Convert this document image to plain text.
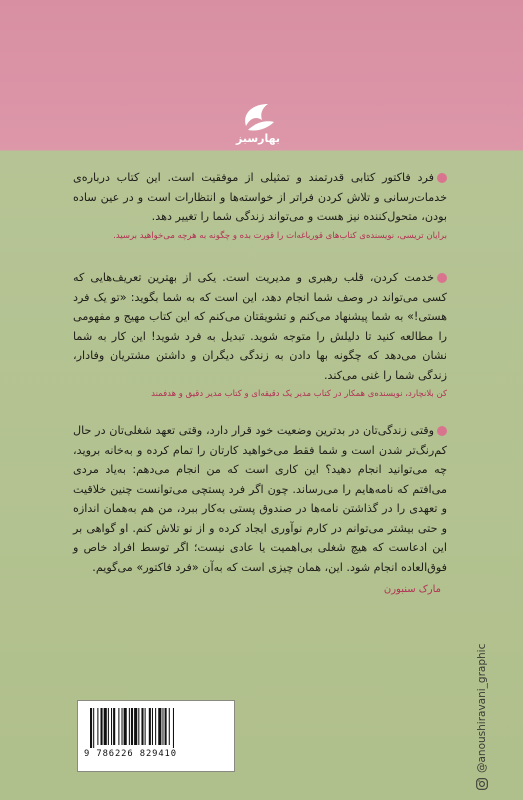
بهارسبز

فرد فاکتور کتابی قدرتمند و تمثیلی از موفقیت است. این کتاب درباره‌ی خدمات‌رسانی و تلاش کردن فراتر از خواسته‌ها و انتظارات است و در عین ساده بودن، متحول‌کننده نیز هست و می‌تواند زندگی شما را تغییر دهد.

برایان تریسی، نویسنده‌ی کتاب‌های قورباغه‌ات را قورت بده و چگونه به هرچه می‌خواهید برسید.

خدمت کردن، قلب رهبری و مدیریت است. یکی از بهترین تعریف‌هایی که کسی می‌تواند در وصف شما انجام دهد، این است که به شما بگوید: «تو یک فرد هستی!» به شما پیشنهاد می‌کنم و تشویقتان می‌کنم که این کتاب مهیج و مفهومی را مطالعه کنید تا دلیلش را متوجه شوید. تبدیل به فرد شوید! این کار به شما نشان می‌دهد که چگونه بها دادن به زندگی دیگران و داشتن مشتریان وفادار، زندگی شما را غنی می‌کند.

کن بلانچارد، نویسنده‌ی همکار در کتاب مدیر یک دقیقه‌ای و کتاب مدیر دقیق و هدفمند

وقتی زندگی‌تان در بدترین وضعیت خود قرار دارد، وقتی تعهد شغلی‌تان در حال کم‌رنگ‌تر شدن است و شما فقط می‌خواهید کارتان را تمام کرده و به‌خانه بروید، چه می‌توانید انجام دهید؟ این کاری است که من انجام می‌دهم: به‌یاد مردی می‌افتم که نامه‌هایم را می‌رساند. چون اگر فرد پستچی می‌توانست چنین خلاقیت و تعهدی را در گذاشتن نامه‌ها در صندوق پستی به‌کار ببرد، من هم به‌همان اندازه و حتی بیشتر می‌توانم در کارم نوآوری ایجاد کرده و از نو تلاش کنم. او گواهی بر این ادعاست که هیچ شغلی بی‌اهمیت یا عادی نیست؛ اگر توسط افراد خاص و فوق‌العاده انجام شود. این، همان چیزی است که به‌آن «فرد فاکتور» می‌گویم.

مارک سنبورن
9 786226 829410	@anoushiravani_graphic
